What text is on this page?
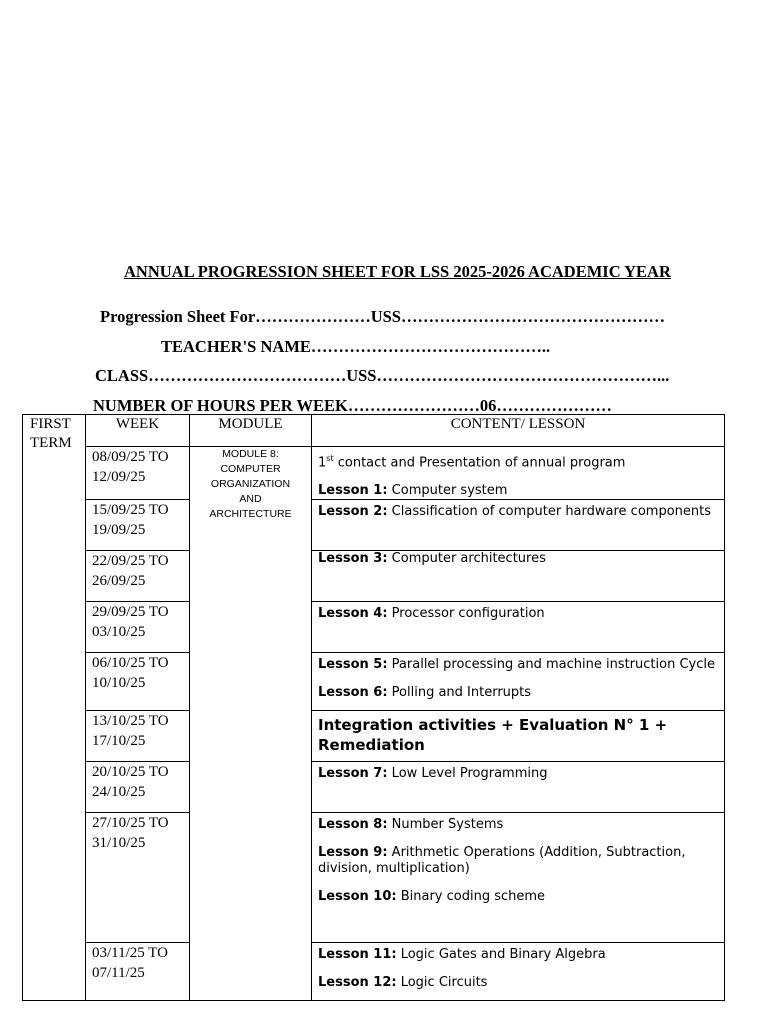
ANNUAL PROGRESSION SHEET FOR LSS 2025-2026 ACADEMIC YEAR
Progression Sheet For…………………USS…………………………………………
TEACHER'S NAME……………………………………..
CLASS………………………………USS……………………………………………...
NUMBER OF HOURS PER WEEK……………………06…………………
FIRST TERM	WEEK	MODULE	CONTENT/ LESSON
	08/09/25 TO 12/09/25	MODULE 8: COMPUTER ORGANIZATION AND ARCHITECTURE	1st contact and Presentation of annual program

Lesson 1: Computer system

	15/09/25 TO 19/09/25		Lesson 2: Classification of computer hardware components

	22/09/25 TO 26/09/25		Lesson 3: Computer architectures

	29/09/25 TO 03/10/25		Lesson 4: Processor configuration

	06/10/25 TO 10/10/25		Lesson 5: Parallel processing and machine instruction Cycle

Lesson 6: Polling and Interrupts

	13/10/25 TO 17/10/25		Integration activities + Evaluation N° 1 + Remediation

	20/10/25 TO 24/10/25		Lesson 7: Low Level Programming

	27/10/25 TO 31/10/25		Lesson 8: Number Systems

Lesson 9: Arithmetic Operations (Addition, Subtraction, division, multiplication)

Lesson 10: Binary coding scheme

	03/11/25 TO 07/11/25		Lesson 11: Logic Gates and Binary Algebra

Lesson 12: Logic Circuits
